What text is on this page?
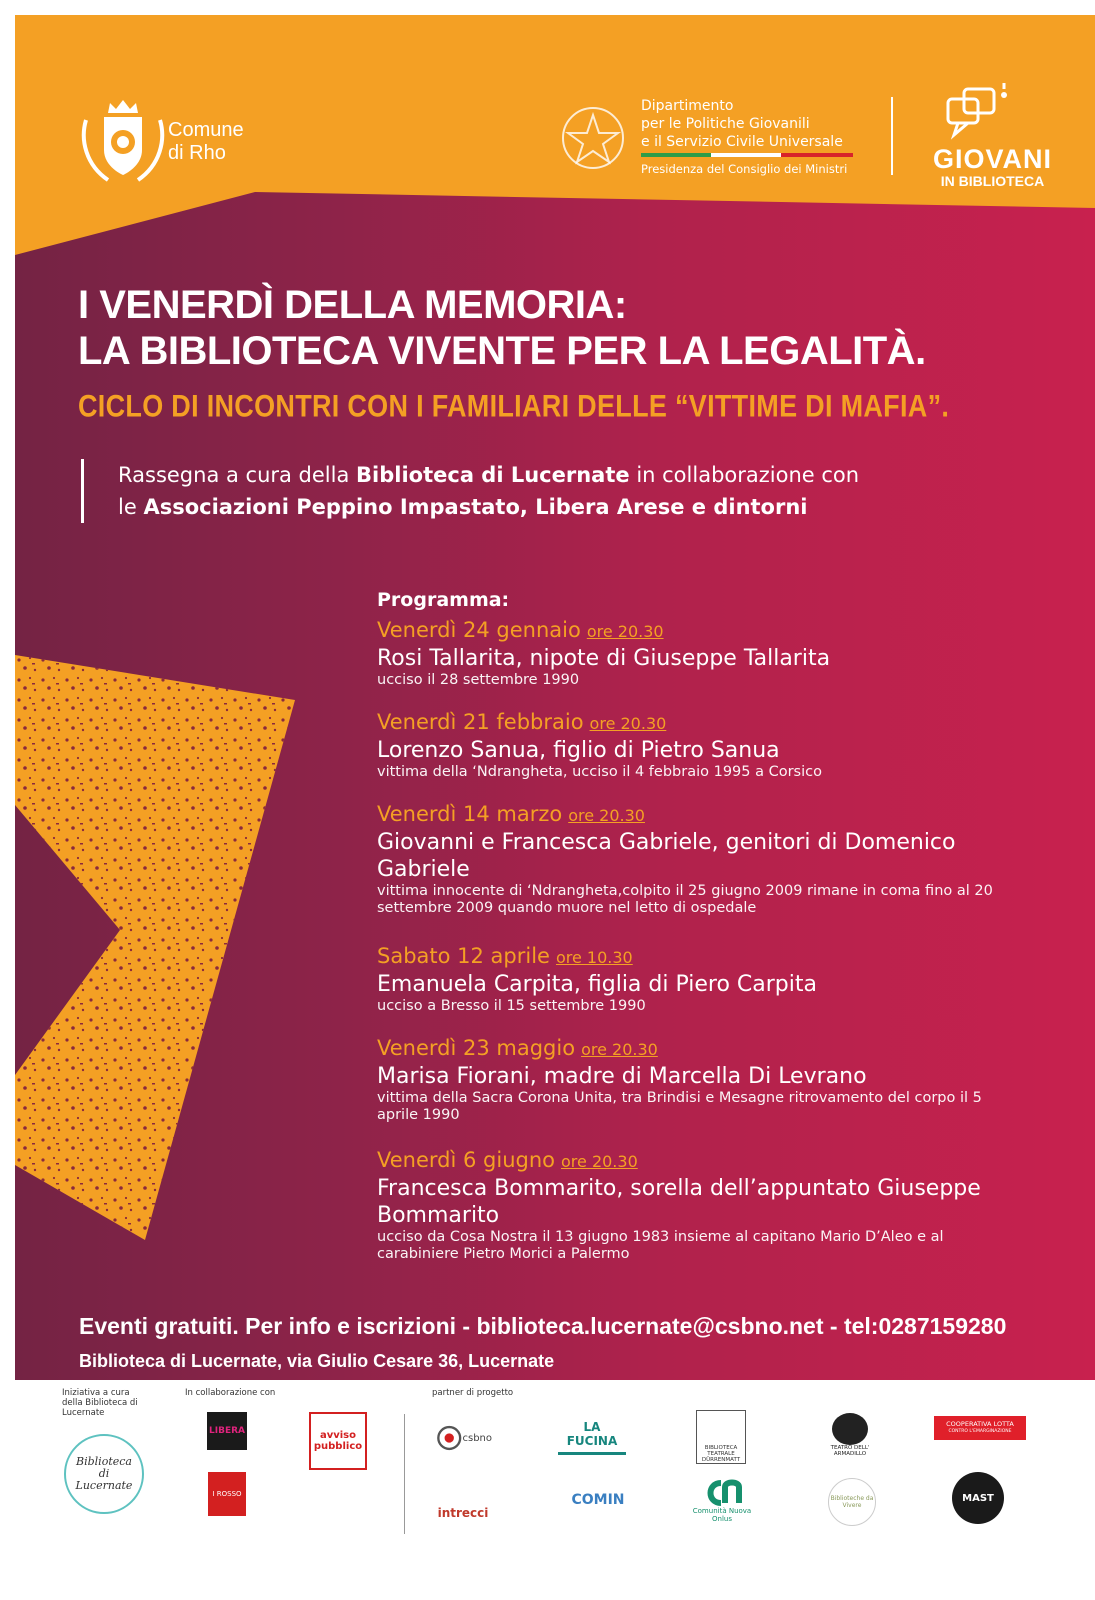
Comune
di Rho
Dipartimento
per le Politiche Giovanili
e il Servizio Civile Universale
Presidenza del Consiglio dei Ministri	GIOVANI
IN BIBLIOTECA
I VENERDÌ DELLA MEMORIA:
LA BIBLIOTECA VIVENTE PER LA LEGALITÀ.
CICLO DI INCONTRI CON I FAMILIARI DELLE “VITTIME DI MAFIA”.
Rassegna a cura della Biblioteca di Lucernate in collaborazione con
le Associazioni Peppino Impastato, Libera Arese e dintorni
Programma:
Venerdì 24 gennaio ore 20.30
Rosi Tallarita, nipote di Giuseppe Tallarita
ucciso il 28 settembre 1990
Venerdì 21 febbraio ore 20.30
Lorenzo Sanua, figlio di Pietro Sanua
vittima della ‘Ndrangheta, ucciso il 4 febbraio 1995 a Corsico
Venerdì 14 marzo ore 20.30
Giovanni e Francesca Gabriele, genitori di Domenico Gabriele
vittima innocente di ‘Ndrangheta,colpito il 25 giugno 2009 rimane in coma fino al 20 settembre 2009 quando muore nel letto di ospedale
Sabato 12 aprile ore 10.30
Emanuela Carpita, figlia di Piero Carpita
ucciso a Bresso il 15 settembre 1990
Venerdì 23 maggio ore 20.30
Marisa Fiorani, madre di Marcella Di Levrano
vittima della Sacra Corona Unita, tra Brindisi e Mesagne ritrovamento del corpo il 5 aprile 1990
Venerdì 6 giugno ore 20.30
Francesca Bommarito, sorella dell’appuntato Giuseppe Bommarito
ucciso da Cosa Nostra il 13 giugno 1983 insieme al capitano Mario D’Aleo e al carabiniere Pietro Morici a Palermo
Eventi gratuiti. Per info e iscrizioni - biblioteca.lucernate@csbno.net - tel:0287159280
Biblioteca di Lucernate, via Giulio Cesare 36, Lucernate
Iniziativa a cura della Biblioteca di Lucernate
In collaborazione con	partner di progetto
Biblioteca
di
Lucernate
LIBERA
I ROSSO
avviso pubblico
csbno
intrecci
LA FUCINA
COMIN
BIBLIOTECA TEATRALE DÜRRENMATT
Comunità Nuova
Onlus
TEATRO DELL' ARMADILLO
Biblioteche da Vivere
COOPERATIVA LOTTA
CONTRO L'EMARGINAZIONE
MAST
